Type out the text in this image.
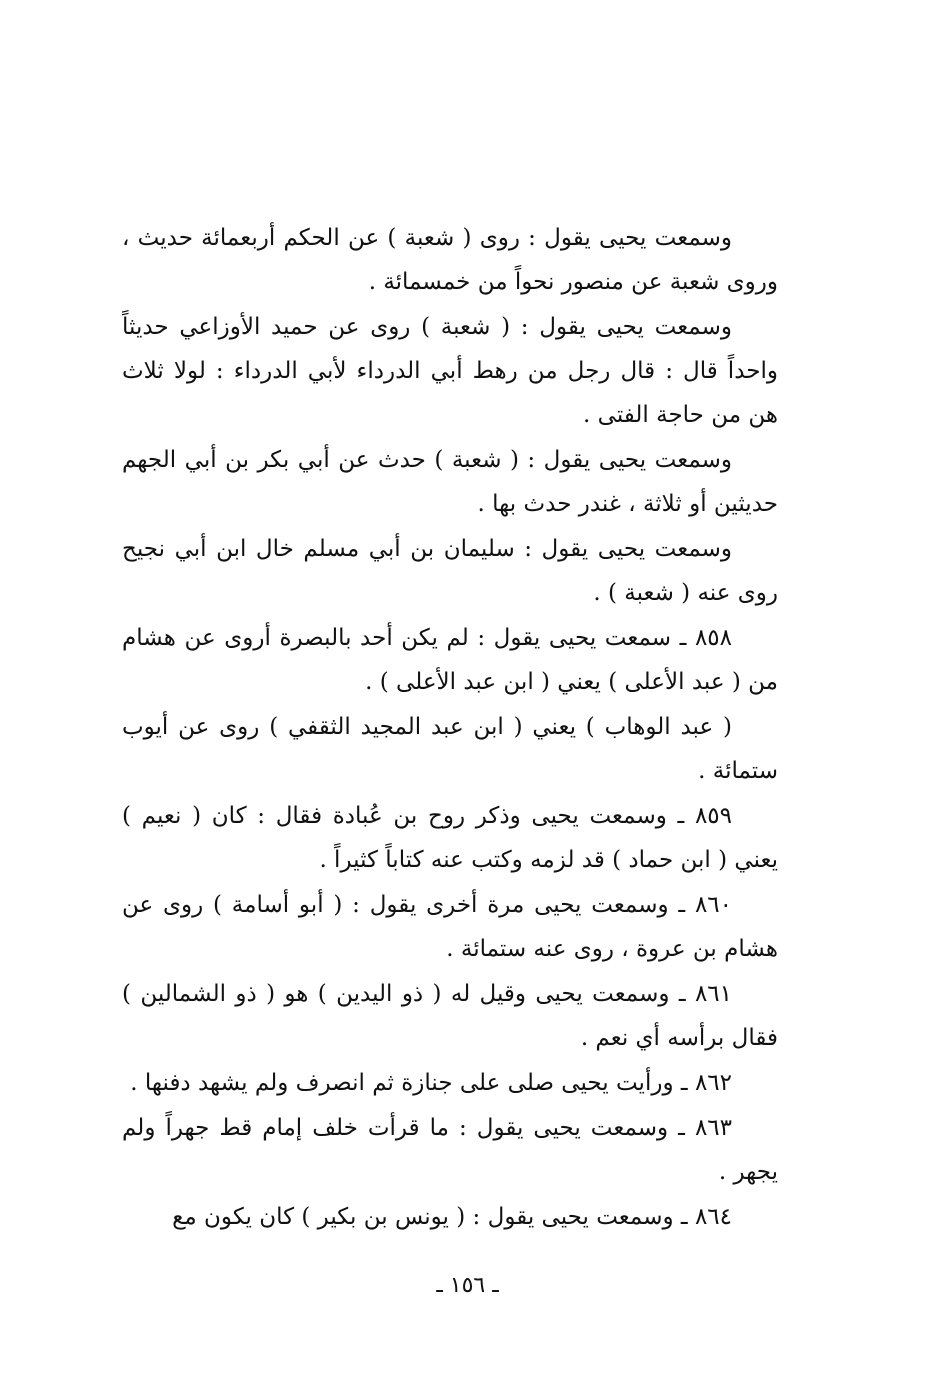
وسمعت يحيى يقول : روى ( شعبة ) عن الحكم أربعمائة حديث ، وروى شعبة عن منصور نحواً من خمسمائة .

وسمعت يحيى يقول : ( شعبة ) روى عن حميد الأوزاعي حديثاً واحداً قال : قال رجل من رهط أبي الدرداء لأبي الدرداء : لولا ثلاث هن من حاجة الفتى .

وسمعت يحيى يقول : ( شعبة ) حدث عن أبي بكر بن أبي الجهم حديثين أو ثلاثة ، غندر حدث بها .

وسمعت يحيى يقول : سليمان بن أبي مسلم خال ابن أبي نجيح روى عنه ( شعبة ) .

٨٥٨ ـ سمعت يحيى يقول : لم يكن أحد بالبصرة أروى عن هشام من ( عبد الأعلى ) يعني ( ابن عبد الأعلى ) .

( عبد الوهاب ) يعني ( ابن عبد المجيد الثقفي ) روى عن أيوب ستمائة .

٨٥٩ ـ وسمعت يحيى وذكر روح بن عُبادة فقال : كان ( نعيم ) يعني ( ابن حماد ) قد لزمه وكتب عنه كتاباً كثيراً .

٨٦٠ ـ وسمعت يحيى مرة أخرى يقول : ( أبو أسامة ) روى عن هشام بن عروة ، روى عنه ستمائة .

٨٦١ ـ وسمعت يحيى وقيل له ( ذو اليدين ) هو ( ذو الشمالين ) فقال برأسه أي نعم .

٨٦٢ ـ ورأيت يحيى صلى على جنازة ثم انصرف ولم يشهد دفنها .

٨٦٣ ـ وسمعت يحيى يقول : ما قرأت خلف إمام قط جهراً ولم يجهر .

٨٦٤ ـ وسمعت يحيى يقول : ( يونس بن بكير ) كان يكون مع

ـ ١٥٦ ـ
